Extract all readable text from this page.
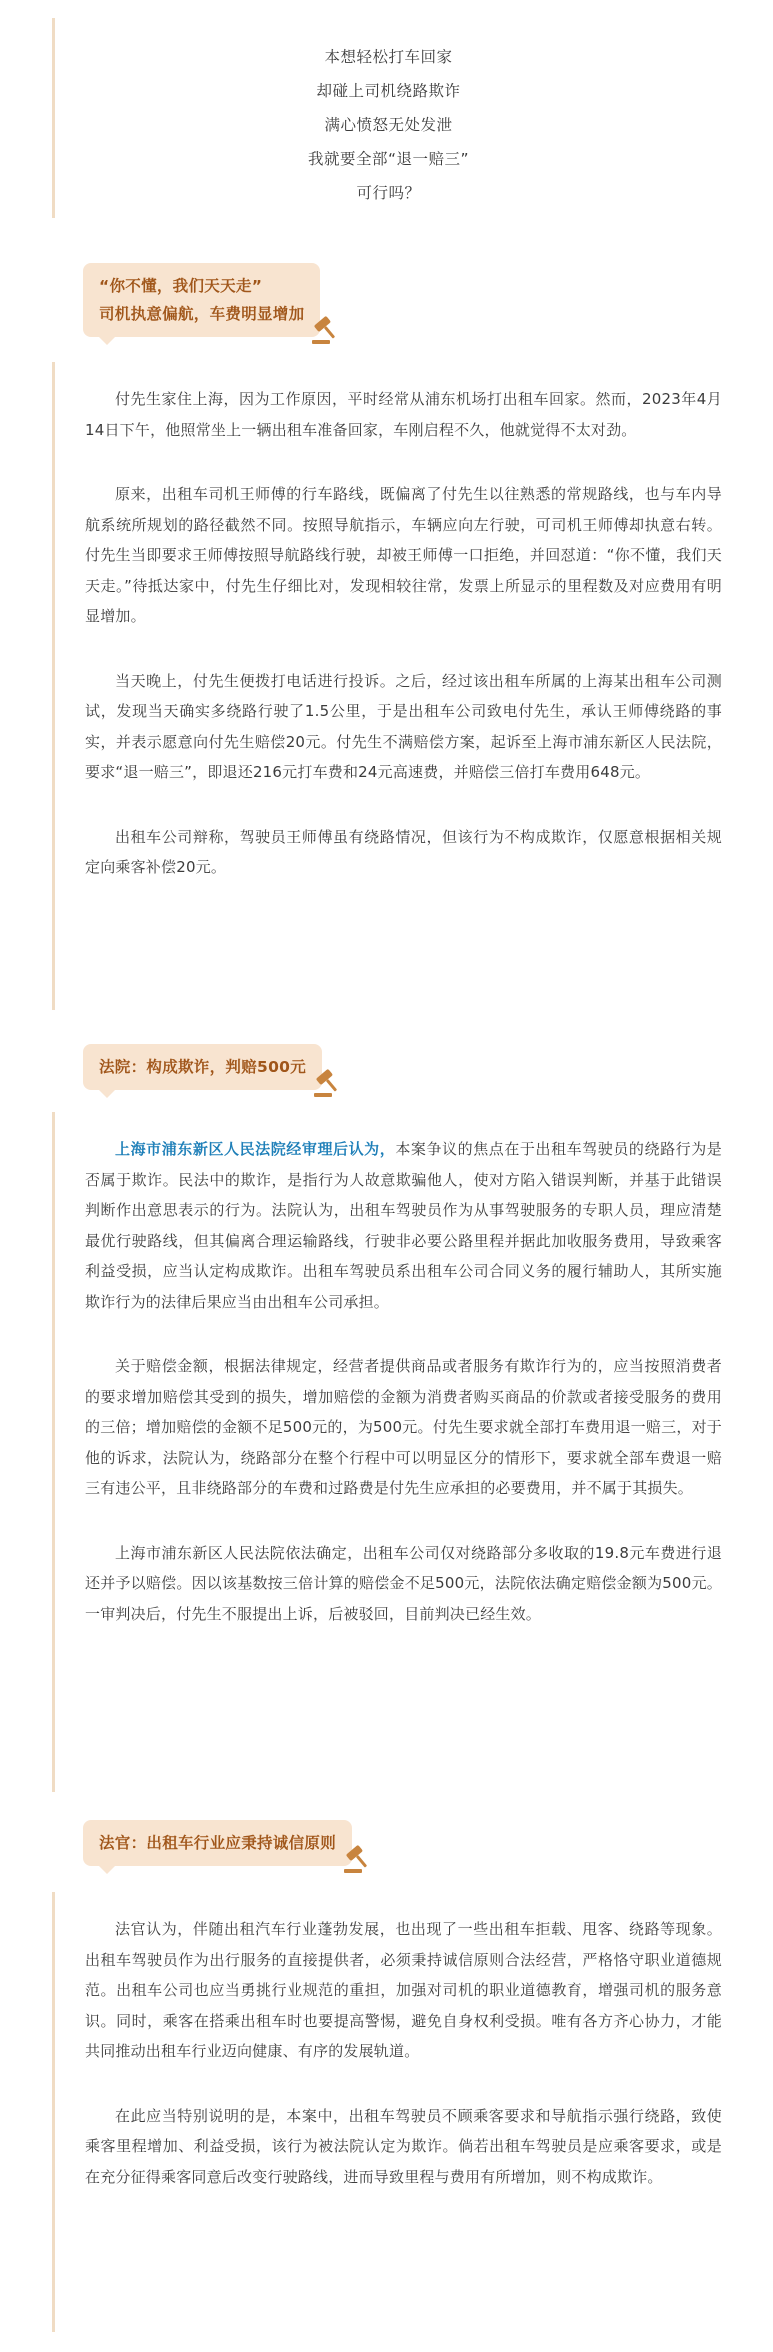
本想轻松打车回家

却碰上司机绕路欺诈

满心愤怒无处发泄

我就要全部“退一赔三”

可行吗？

“你不懂，我们天天走”
司机执意偏航，车费明显增加

付先生家住上海，因为工作原因，平时经常从浦东机场打出租车回家。然而，2023年4月14日下午，他照常坐上一辆出租车准备回家，车刚启程不久，他就觉得不太对劲。

原来，出租车司机王师傅的行车路线，既偏离了付先生以往熟悉的常规路线，也与车内导航系统所规划的路径截然不同。按照导航指示，车辆应向左行驶，可司机王师傅却执意右转。付先生当即要求王师傅按照导航路线行驶，却被王师傅一口拒绝，并回怼道：“你不懂，我们天天走。”待抵达家中，付先生仔细比对，发现相较往常，发票上所显示的里程数及对应费用有明显增加。

当天晚上，付先生便拨打电话进行投诉。之后，经过该出租车所属的上海某出租车公司测试，发现当天确实多绕路行驶了1.5公里，于是出租车公司致电付先生，承认王师傅绕路的事实，并表示愿意向付先生赔偿20元。付先生不满赔偿方案，起诉至上海市浦东新区人民法院，要求“退一赔三”，即退还216元打车费和24元高速费，并赔偿三倍打车费用648元。

出租车公司辩称，驾驶员王师傅虽有绕路情况，但该行为不构成欺诈，仅愿意根据相关规定向乘客补偿20元。

法院：构成欺诈，判赔500元

上海市浦东新区人民法院经审理后认为，本案争议的焦点在于出租车驾驶员的绕路行为是否属于欺诈。民法中的欺诈，是指行为人故意欺骗他人，使对方陷入错误判断，并基于此错误判断作出意思表示的行为。法院认为，出租车驾驶员作为从事驾驶服务的专职人员，理应清楚最优行驶路线，但其偏离合理运输路线，行驶非必要公路里程并据此加收服务费用，导致乘客利益受损，应当认定构成欺诈。出租车驾驶员系出租车公司合同义务的履行辅助人，其所实施欺诈行为的法律后果应当由出租车公司承担。

关于赔偿金额，根据法律规定，经营者提供商品或者服务有欺诈行为的，应当按照消费者的要求增加赔偿其受到的损失，增加赔偿的金额为消费者购买商品的价款或者接受服务的费用的三倍；增加赔偿的金额不足500元的，为500元。付先生要求就全部打车费用退一赔三，对于他的诉求，法院认为，绕路部分在整个行程中可以明显区分的情形下，要求就全部车费退一赔三有违公平，且非绕路部分的车费和过路费是付先生应承担的必要费用，并不属于其损失。

上海市浦东新区人民法院依法确定，出租车公司仅对绕路部分多收取的19.8元车费进行退还并予以赔偿。因以该基数按三倍计算的赔偿金不足500元，法院依法确定赔偿金额为500元。一审判决后，付先生不服提出上诉，后被驳回，目前判决已经生效。

法官：出租车行业应秉持诚信原则

法官认为，伴随出租汽车行业蓬勃发展，也出现了一些出租车拒载、甩客、绕路等现象。出租车驾驶员作为出行服务的直接提供者，必须秉持诚信原则合法经营，严格恪守职业道德规范。出租车公司也应当勇挑行业规范的重担，加强对司机的职业道德教育，增强司机的服务意识。同时，乘客在搭乘出租车时也要提高警惕，避免自身权利受损。唯有各方齐心协力，才能共同推动出租车行业迈向健康、有序的发展轨道。

在此应当特别说明的是，本案中，出租车驾驶员不顾乘客要求和导航指示强行绕路，致使乘客里程增加、利益受损，该行为被法院认定为欺诈。倘若出租车驾驶员是应乘客要求，或是在充分征得乘客同意后改变行驶路线，进而导致里程与费用有所增加，则不构成欺诈。
